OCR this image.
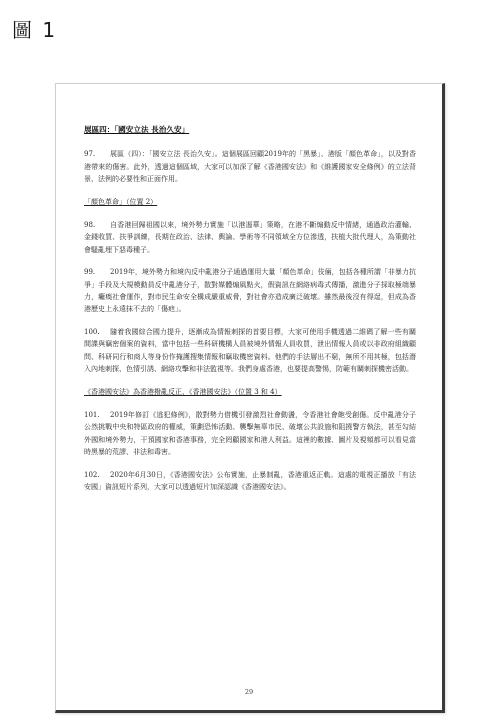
圖 1
展區四：「國安立法 長治久安」
97. 展區（四）：「國安立法 長治久安」。這個展區回顧2019年的「黑暴」、港版「顏色革命」，以及對香港帶來的傷害。此外，透過這個區域，大家可以加深了解《香港國安法》和《維護國家安全條例》的立法背景、法例的必要性和正面作用。
「顏色革命」（位置 2）
98. 自香港回歸祖國以來，境外勢力實施「以港遏華」策略，在港不斷煽動反中情緒，通過政治灌輸、金錢收買、扶爭訓練，長期在政治、法律、輿論、學術等不同領域全方位滲透，扶植大批代理人，為策動社會騷亂埋下惡毒種子。
99. 2019年，境外勢力和境內反中亂港分子通過運用大量「顏色革命」伎倆，包括各種所謂「非暴力抗爭」手段及大規模動員反中亂港分子，散對媒體煽風點火，假資訊在網絡病毒式傳播，激進分子採取極端暴力，癱瘓社會運作，對市民生命安全構成嚴重威脅，對社會亦造成廣泛破壞。雖然最後沒有得逞，但成為香港歷史上永遠抹不去的「傷疤」。
100. 隨着我國綜合國力提升，逐漸成為情報刺探的首要目標，大家可使用手機透過二維碼了解一些有關間諜與竊密個案的資料，當中包括一些科研機構人員被境外情報人員收買，泄出情報人員或以非政府組織顧問、科研同行和商人等身份作掩護搜集情報和竊取機密資料。他們的手法層出不窮，無所不用其極，包括潛入內地刺探、色情引誘、網絡攻擊和非法監視等。我們身處香港，也要提高警惕，防範有關刺探機密活動。
《香港國安法》為香港撥亂反正、《香港國安法》（位置 3 和 4）
101. 2019年修訂《逃犯條例》，散對勢力借機引發激烈社會動盪，令香港社會飽受創傷。反中亂港分子公然挑戰中央和特區政府的權威，策劃恐怖活動、襲擊無辜市民、破壞公共設施和阻撓警方執法，甚至勾結外國和境外勢力，干預國家和香港事務，完全罔顧國家和港人利益。這裡的數據、圖片及視頻都可以看見當時黑暴的荒謬、非法和毒害。
102. 2020年6月30日，《香港國安法》公布實施，止暴制亂，香港重返正軌。這處的電視正播放「有法安國」資訊短片系列，大家可以透過短片加深認識《香港國安法》。
29
